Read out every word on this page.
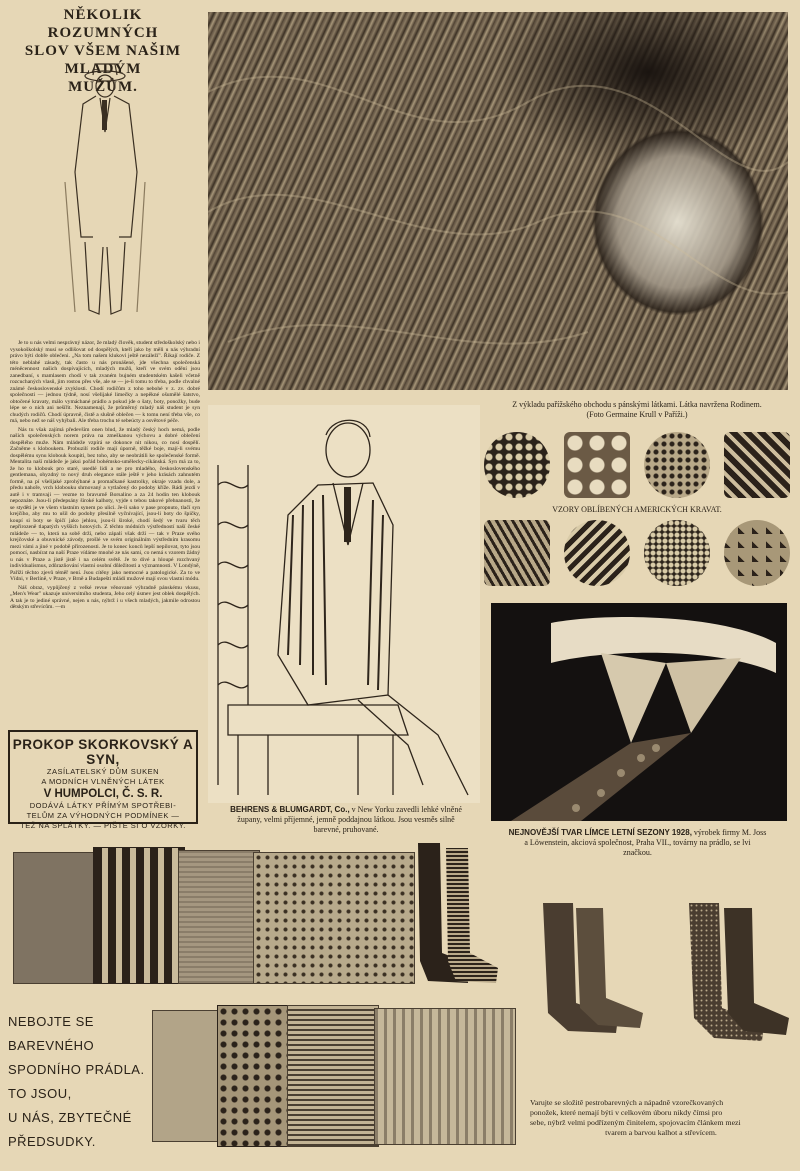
NĚKOLIK ROZUMNÝCH
SLOV VŠEM NAŠIM MLADÝM
MUŽŮM.

Je to u nás velmi nesprávný názor, že mladý člověk, student středoškolský nebo i vysokoškolský musí se odlišovat od dospělých, kteří jako by měli u nás výhradní právo býti dobře oblečeni. „Na tom našem klukovi ještě nezáleží". Říkají rodiče. Z této neblahé zásady, tak často u nás pronášené, jde všechna společenská méněcennost našich dospívajících, mladých mužů, kteří ve svém odění jsou zanedbaní, s mamlasem chodí v tak zvaném bujném studentském kašeli včetně rozcuchaných vlasů, jim rostou přes vše, ale se — je-li tomu to třeba, podle chvalné známé československé zvyklosti. Chodí rodičům z toho nebohé v z. zv. dobré společnosti — jednou týdně, nosí všelijaké limečky a nepěkné ošumělé šatstvo, obtočené kravaty, málo vymáchané prádlo a pokud jde o šaty, boty, ponožky, bude lépe se o nich ani nešířit. Neznamenají, že průměrný mladý náš student je syn chudých rodičů. Chodí úpravně, čistě a slušně oblečen — k tomu není třeba vše, co má, nebo než se náš vyhýbali. Ale třeba trochu té sebeúcty a osvětové péče.

Nás tu však zajímá především onen blud, že mladý český hoch nemá, podle našich společenských norem práva na zmeškanou výchovu a dobré oblečení dospělého muže. Nám mládeže vzpírá se dokonce nit nikou, co nosí dospělí. Začněme s kloboukem. Probuzilí rodiče mají úporně, těžké boje, mají-li svému dospělému synu klobouk koupiti, bez toho, aby se neobrátili ke společenské formě. Mentalita naší mládeže je jaksi pořád bohémsko-umělecky-cikánská. Syn má za to, že ho to klobouk pro staré, usedlé lidi a ne pro mladého, československého gentlemana, ohyzdný to nový druh elegance stále ještě v jeho krásách zahnutém formě, na pí všelijaké zprohýbané a promačkané kastrolky, okraje vzadu dole, a předu nahoře, vrch klobouku shrnovaný a vytlačený do podoby kříže. Rádi jezdí v autě i v tramvaji — vezme to bravurně Borsalino a za 24 hodin ten klobouk nepoznáte. Jsou-li předepsány široké kalhoty, vyjde s tebou takové přehnanosti, že se styděti je ve všem vlastním synem po ulici. Je-li sako v pase propnuto, tlačí syn krejčího, aby mu to ušil do podoby přesilně vyčnívající, jsou-li boty do špičky, koupí si boty se špičí jako jehlou, jsou-li široké, chodí šedý ve tvaru těch nepřirozeně tlapatých vyšších hotových. Z těchto módních výstředností naší české mládeže — to, která na sobě drží, nebo zápalí však drží — tak v Praze svého krejčovské a obuvnické závody, prošlé ve svém originálním výstředním krasomu mezi vámi a jiné v podobě přirozenosti. Je to konec konců lepší nepilovat, tyto jsou pomocí, nasbírat na naší Praze vídáme mnohé ze nás sami, co nemá s vzorem žádný u nás v Praze a jistě jistě i na celém světě. Je to divé a hloupé rozchvaný individualismus, zdůrazňování vlastní osobní důležitosti a významnosti. V Londýně, Paříži těchto zjevů téměř není. Jsou cítěny jako nemocné a patologické. Za to ve Vídni, v Berlíně, v Praze, v Brně a Budapešti mládí mužové mají svou vlastní módu.

Náš obraz, vypůjčený z velké revue věnované výhradně pánskému vkusu, „Men's Wear" ukazuje universitního studenta, Jeho celý úsmev jest oblek dospělých. A tak je to jediné správné, nejen u nás, nýbrž i u všech mladých, jakmile odrostou dětským střevícům. —m

PROKOP SKORKOVSKÝ A SYN,
ZASÍLATELSKÝ DŮM SUKEN
A MODNÍCH VLNĚNÝCH LÁTEK
V HUMPOLCI, Č. S. R.
DODÁVÁ LÁTKY PŘÍMÝM SPOTŘEBI-
TELŮM ZA VÝHODNÝCH PODMÍNEK —
TEŽ NA SPLÁTKY. — PIŠTE SI O VZORKY.
Z výkladu pařížského obchodu s pánskými látkami. Látka navržena Rodinem.
(Foto Germaine Krull v Paříži.)
VZORY OBLÍBENÝCH AMERICKÝCH KRAVAT.
BEHRENS & BLUMGARDT, Co., v New Yorku zavedli lehké vlněné
župany, velmi příjemné, jemně poddajnou látkou. Jsou vesměs silně
barevné, pruhované.	NEJNOVĚJŠÍ TVAR LÍMCE LETNÍ SEZONY 1928, výrobek firmy M. Joss
a Löwenstein, akciová společnost, Praha VII., továrny na prádlo, se lvi
značkou.
NEBOJTE SE
BAREVNÉHO
SPODNÍHO PRÁDLA.
TO JSOU,
U NÁS, ZBYTEČNÉ
PŘEDSUDKY.
Varujte se složitě pestrobarevných a nápadně vzorečkovaných
ponožek, které nemají býti v celkovém úboru nikdy čímsi pro
sebe, nýbrž velmi podřízeným činitelem, spojovacím článkem mezi
tvarem a barvou kalhot a střevícem.
